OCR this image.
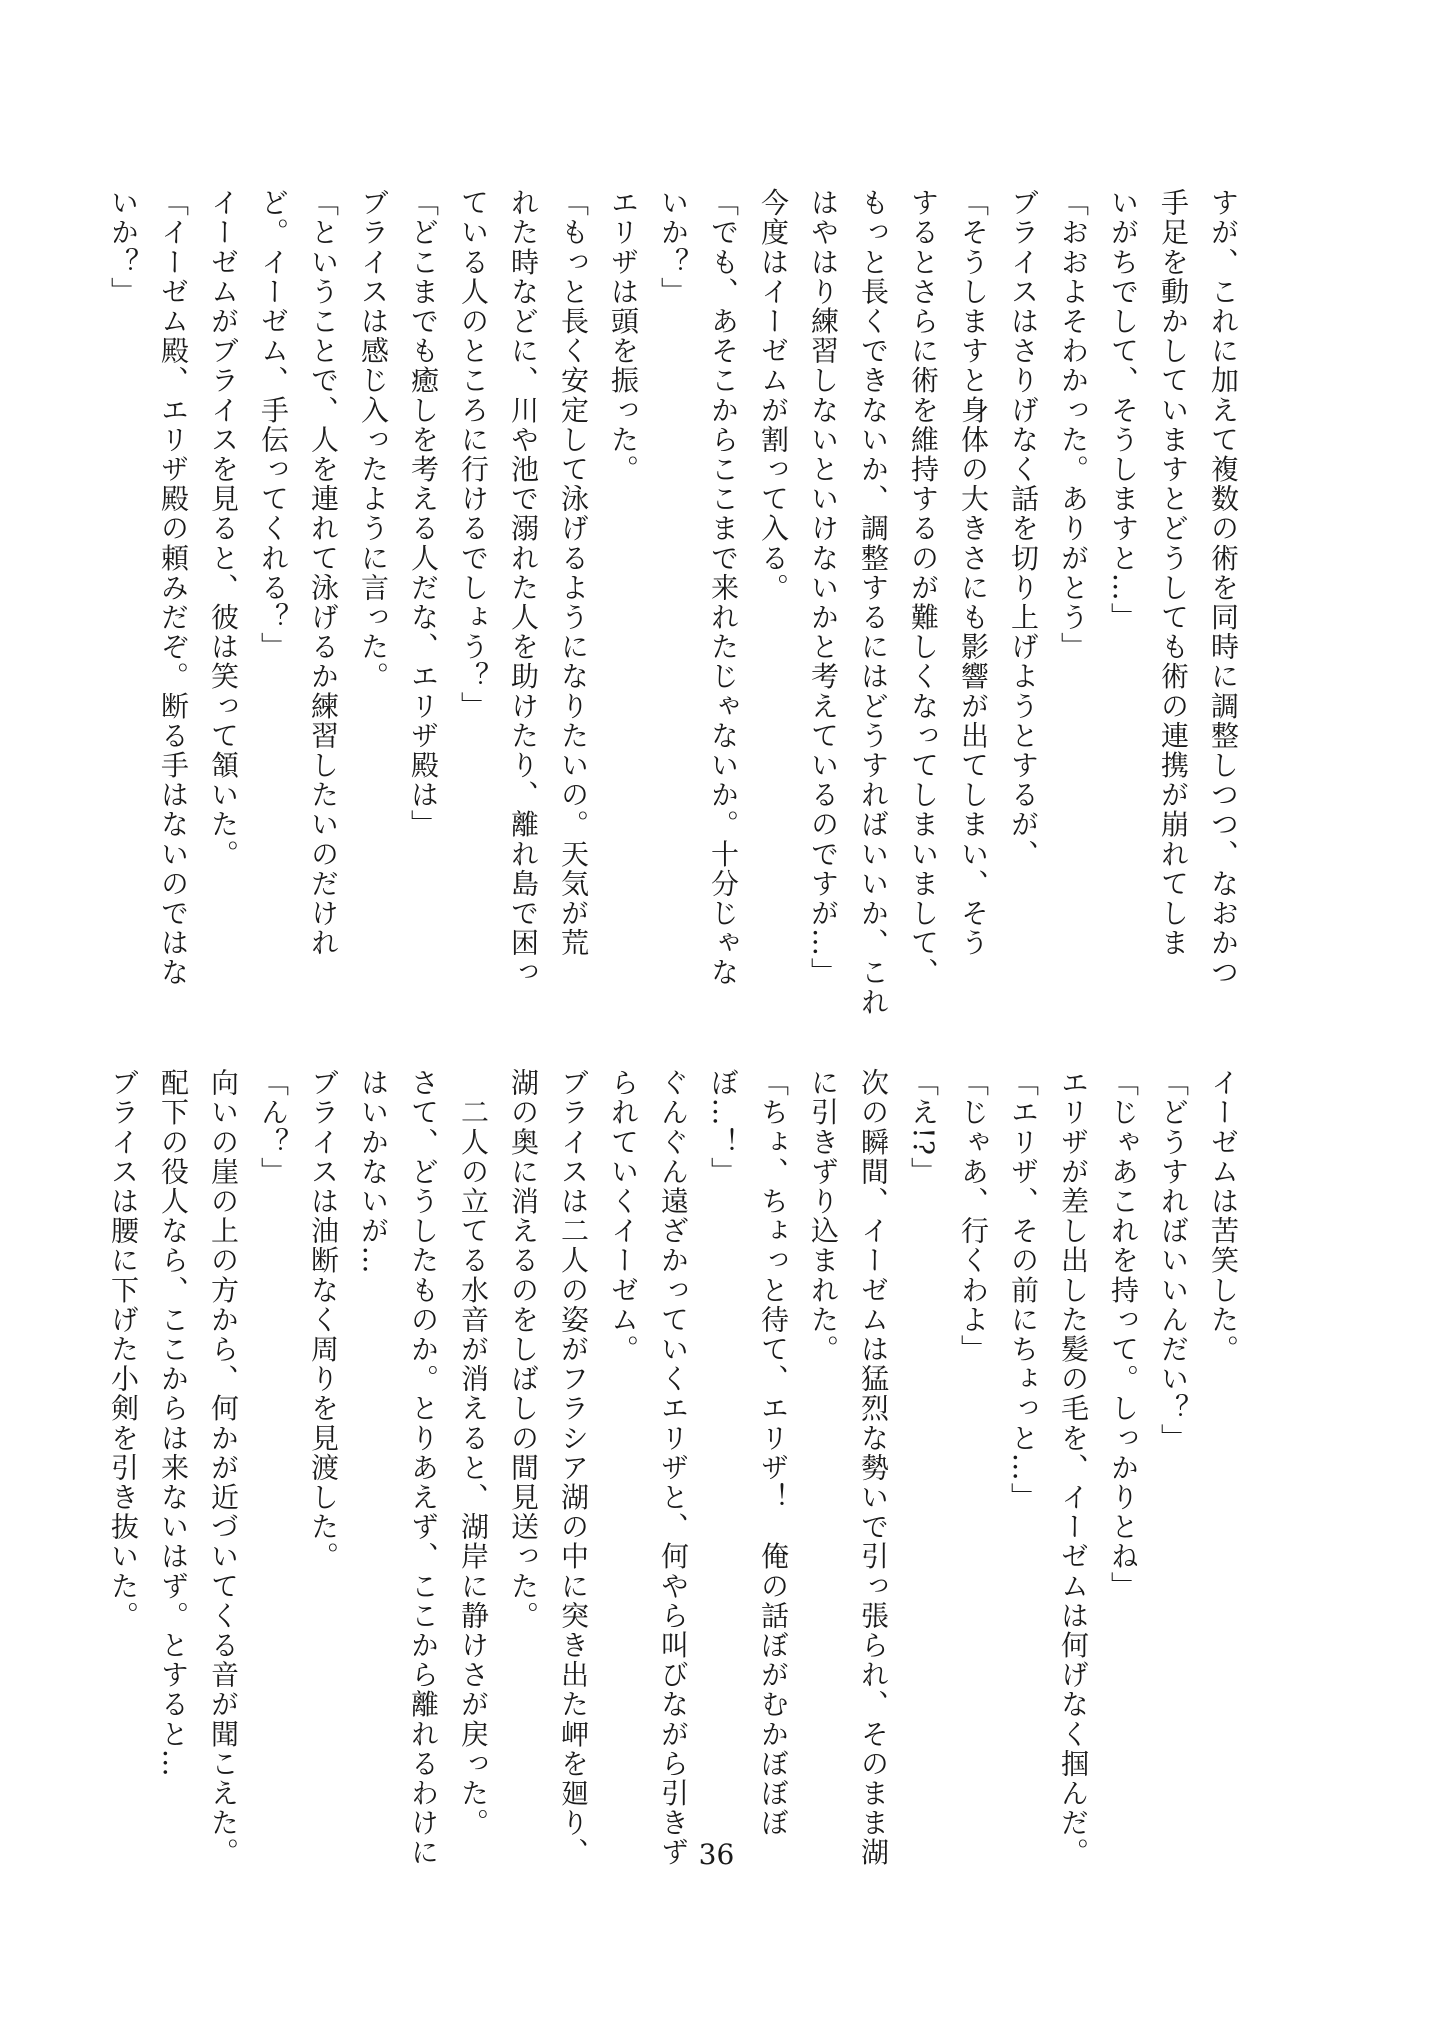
すが、これに加えて複数の術を同時に調整しつつ、なおかつ
手足を動かしていますとどうしても術の連携が崩れてしま
いがちでして、そうしますと…」
「おおよそわかった。ありがとう」
ブライスはさりげなく話を切り上げようとするが、
「そうしますと身体の大きさにも影響が出てしまい、そう
するとさらに術を維持するのが難しくなってしまいまして、
もっと長くできないか、調整するにはどうすればいいか、これ
はやはり練習しないといけないかと考えているのですが…」
今度はイーゼムが割って入る。
「でも、あそこからここまで来れたじゃないか。十分じゃな
いか？」
エリザは頭を振った。
「もっと長く安定して泳げるようになりたいの。天気が荒
れた時などに、川や池で溺れた人を助けたり、離れ島で困っ
ている人のところに行けるでしょう？」
「どこまでも癒しを考える人だな、エリザ殿は」
ブライスは感じ入ったように言った。
「ということで、人を連れて泳げるか練習したいのだけれ
ど。イーゼム、手伝ってくれる？」
イーゼムがブライスを見ると、彼は笑って頷いた。
「イーゼム殿、エリザ殿の頼みだぞ。断る手はないのではな
いか？」
イーゼムは苦笑した。
「どうすればいいんだい？」
「じゃあこれを持って。しっかりとね」
エリザが差し出した髪の毛を、イーゼムは何げなく掴んだ。
「エリザ、その前にちょっと…」
「じゃあ、行くわよ」
「え!?」
次の瞬間、イーゼムは猛烈な勢いで引っ張られ、そのまま湖
に引きずり込まれた。
「ちょ、ちょっと待て、エリザ！　俺の話ぼがむかぼぼぼ
ぼ…！」
ぐんぐん遠ざかっていくエリザと、何やら叫びながら引きず
られていくイーゼム。
ブライスは二人の姿がフラシア湖の中に突き出た岬を廻り、
湖の奥に消えるのをしばしの間見送った。
　二人の立てる水音が消えると、湖岸に静けさが戻った。
さて、どうしたものか。とりあえず、ここから離れるわけに
はいかないが…
ブライスは油断なく周りを見渡した。
「ん？」
向いの崖の上の方から、何かが近づいてくる音が聞こえた。
配下の役人なら、ここからは来ないはず。とすると…
ブライスは腰に下げた小剣を引き抜いた。
36
